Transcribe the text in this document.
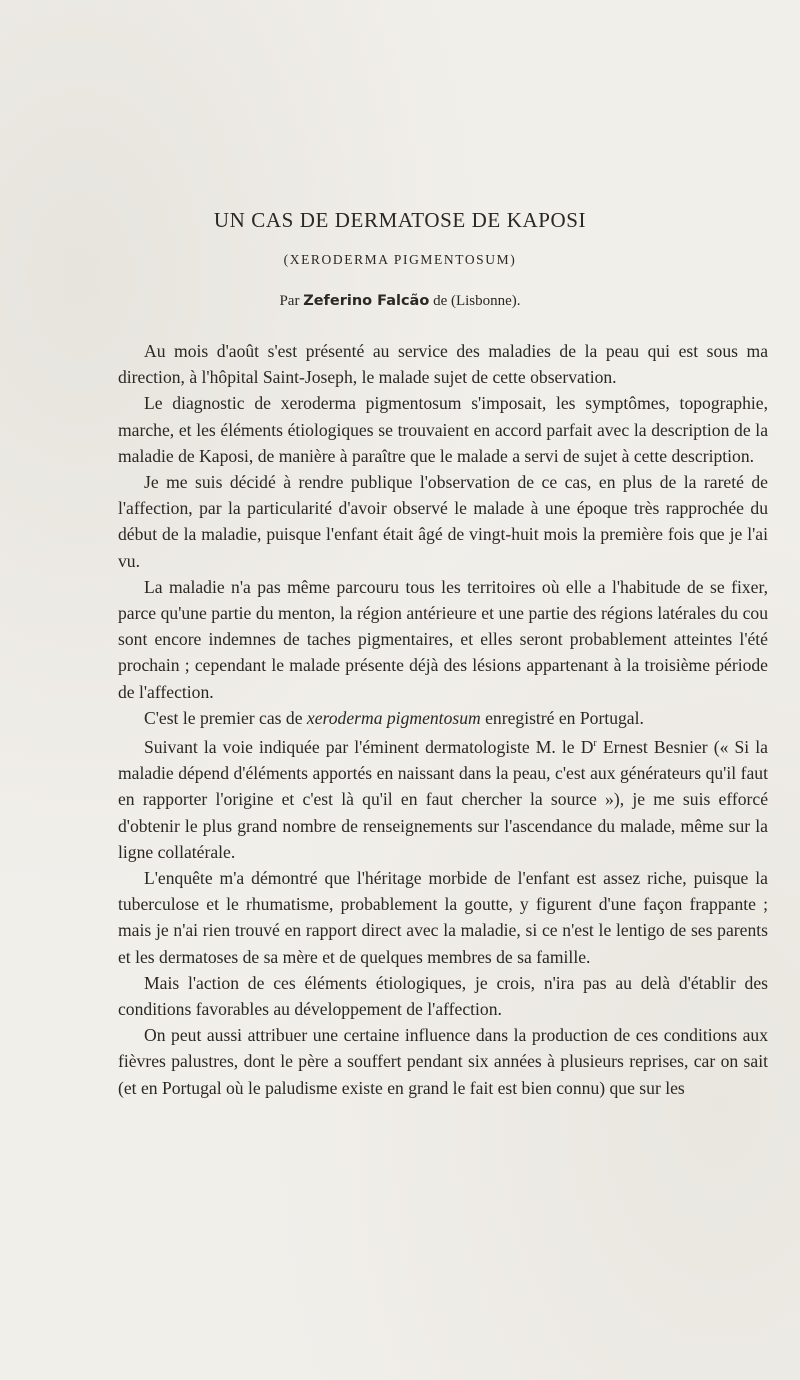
UN CAS DE DERMATOSE DE KAPOSI
(XERODERMA PIGMENTOSUM)
Par Zeferino Falcão de (Lisbonne).

Au mois d'août s'est présenté au service des maladies de la peau qui est sous ma direction, à l'hôpital Saint-Joseph, le malade sujet de cette observation.

Le diagnostic de xeroderma pigmentosum s'imposait, les symptômes, topographie, marche, et les éléments étiologiques se trouvaient en accord parfait avec la description de la maladie de Kaposi, de manière à paraître que le malade a servi de sujet à cette description.

Je me suis décidé à rendre publique l'observation de ce cas, en plus de la rareté de l'affection, par la particularité d'avoir observé le malade à une époque très rapprochée du début de la maladie, puisque l'enfant était âgé de vingt-huit mois la première fois que je l'ai vu.

La maladie n'a pas même parcouru tous les territoires où elle a l'habitude de se fixer, parce qu'une partie du menton, la région antérieure et une partie des régions latérales du cou sont encore indemnes de taches pigmentaires, et elles seront probablement atteintes l'été prochain ; cependant le malade présente déjà des lésions appartenant à la troisième période de l'affection.

C'est le premier cas de xeroderma pigmentosum enregistré en Portugal.

Suivant la voie indiquée par l'éminent dermatologiste M. le $D^r$ Ernest Besnier (« Si la maladie dépend d'éléments apportés en naissant dans la peau, c'est aux générateurs qu'il faut en rapporter l'origine et c'est là qu'il en faut chercher la source »), je me suis efforcé d'obtenir le plus grand nombre de renseignements sur l'ascendance du malade, même sur la ligne collatérale.

L'enquête m'a démontré que l'héritage morbide de l'enfant est assez riche, puisque la tuberculose et le rhumatisme, probablement la goutte, y figurent d'une façon frappante ; mais je n'ai rien trouvé en rapport direct avec la maladie, si ce n'est le lentigo de ses parents et les dermatoses de sa mère et de quelques membres de sa famille.

Mais l'action de ces éléments étiologiques, je crois, n'ira pas au delà d'établir des conditions favorables au développement de l'affection.

On peut aussi attribuer une certaine influence dans la production de ces conditions aux fièvres palustres, dont le père a souffert pendant six années à plusieurs reprises, car on sait (et en Portugal où le paludisme existe en grand le fait est bien connu) que sur les
